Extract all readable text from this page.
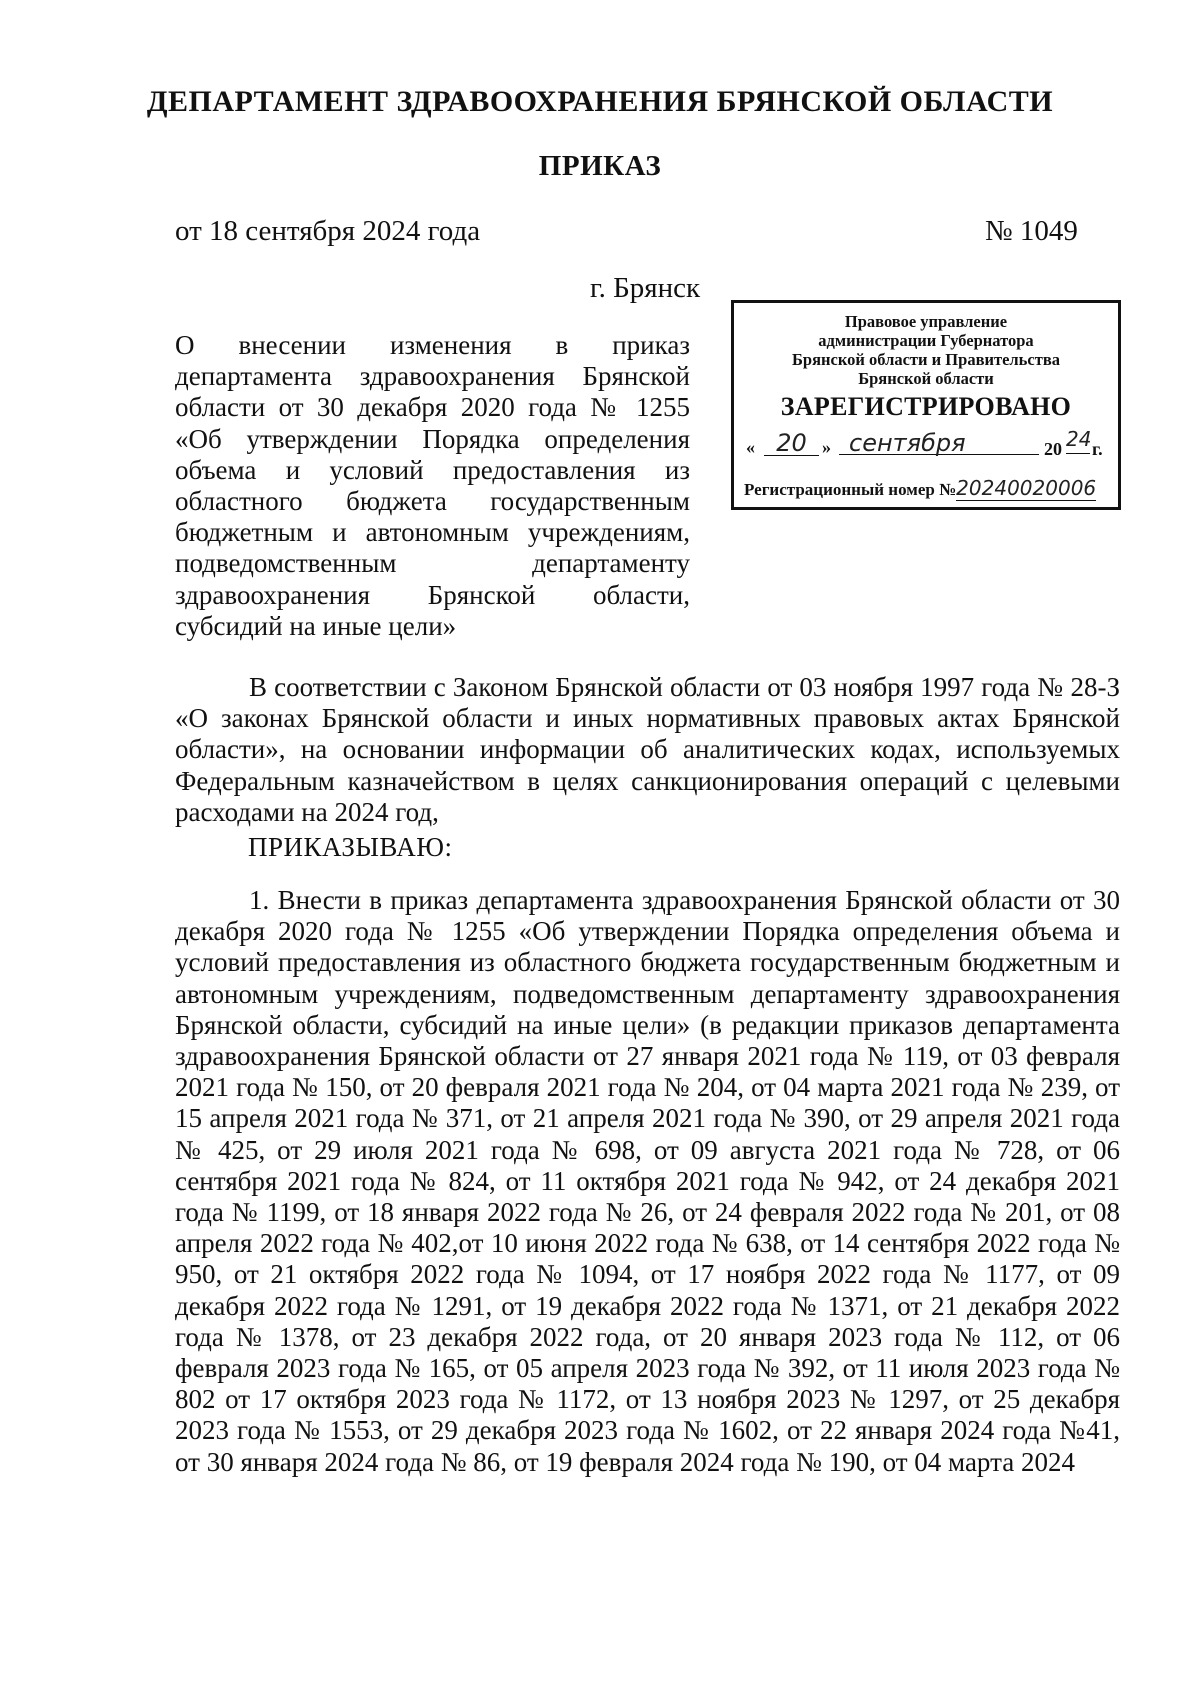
ДЕПАРТАМЕНТ ЗДРАВООХРАНЕНИЯ БРЯНСКОЙ ОБЛАСТИ
ПРИКАЗ
от 18 сентября 2024 года	№ 1049
г. Брянск
О внесении изменения в приказ департамента здравоохранения Брянской области от 30 декабря 2020 года № 1255 «Об утверждении Порядка определения объема и условий предоставления из областного бюджета государственным бюджетным и автономным учреждениям, подведомственным департаменту здравоохранения Брянской области, субсидий на иные цели»
Правовое управление
администрации Губернатора
Брянской области и Правительства
Брянской области
ЗАРЕГИСТРИРОВАНО
« 20 » сентября	20 24 г.
Регистрационный номер №20240020006
В соответствии с Законом Брянской области от 03 ноября 1997 года № 28-З «О законах Брянской области и иных нормативных правовых актах Брянской области», на основании информации об аналитических кодах, используемых Федеральным казначейством в целях санкционирования операций с целевыми расходами на 2024 год,
ПРИКАЗЫВАЮ:
1. Внести в приказ департамента здравоохранения Брянской области от 30 декабря 2020 года № 1255 «Об утверждении Порядка определения объема и условий предоставления из областного бюджета государственным бюджетным и автономным учреждениям, подведомственным департаменту здравоохранения Брянской области, субсидий на иные цели» (в редакции приказов департамента здравоохранения Брянской области от 27 января 2021 года № 119, от 03 февраля 2021 года № 150, от 20 февраля 2021 года № 204, от 04 марта 2021 года № 239, от 15 апреля 2021 года № 371, от 21 апреля 2021 года № 390, от 29 апреля 2021 года № 425, от 29 июля 2021 года № 698, от 09 августа 2021 года № 728, от 06 сентября 2021 года № 824, от 11 октября 2021 года № 942, от 24 декабря 2021 года № 1199, от 18 января 2022 года № 26, от 24 февраля 2022 года № 201, от 08 апреля 2022 года № 402,от 10 июня 2022 года № 638, от 14 сентября 2022 года № 950, от 21 октября 2022 года № 1094, от 17 ноября 2022 года № 1177, от 09 декабря 2022 года № 1291, от 19 декабря 2022 года № 1371, от 21 декабря 2022 года № 1378, от 23 декабря 2022 года, от 20 января 2023 года № 112, от 06 февраля 2023 года № 165, от 05 апреля 2023 года № 392, от 11 июля 2023 года № 802 от 17 октября 2023 года № 1172, от 13 ноября 2023 № 1297, от 25 декабря 2023 года № 1553, от 29 декабря 2023 года № 1602, от 22 января 2024 года №41, от 30 января 2024 года № 86, от 19 февраля 2024 года № 190, от 04 марта 2024
